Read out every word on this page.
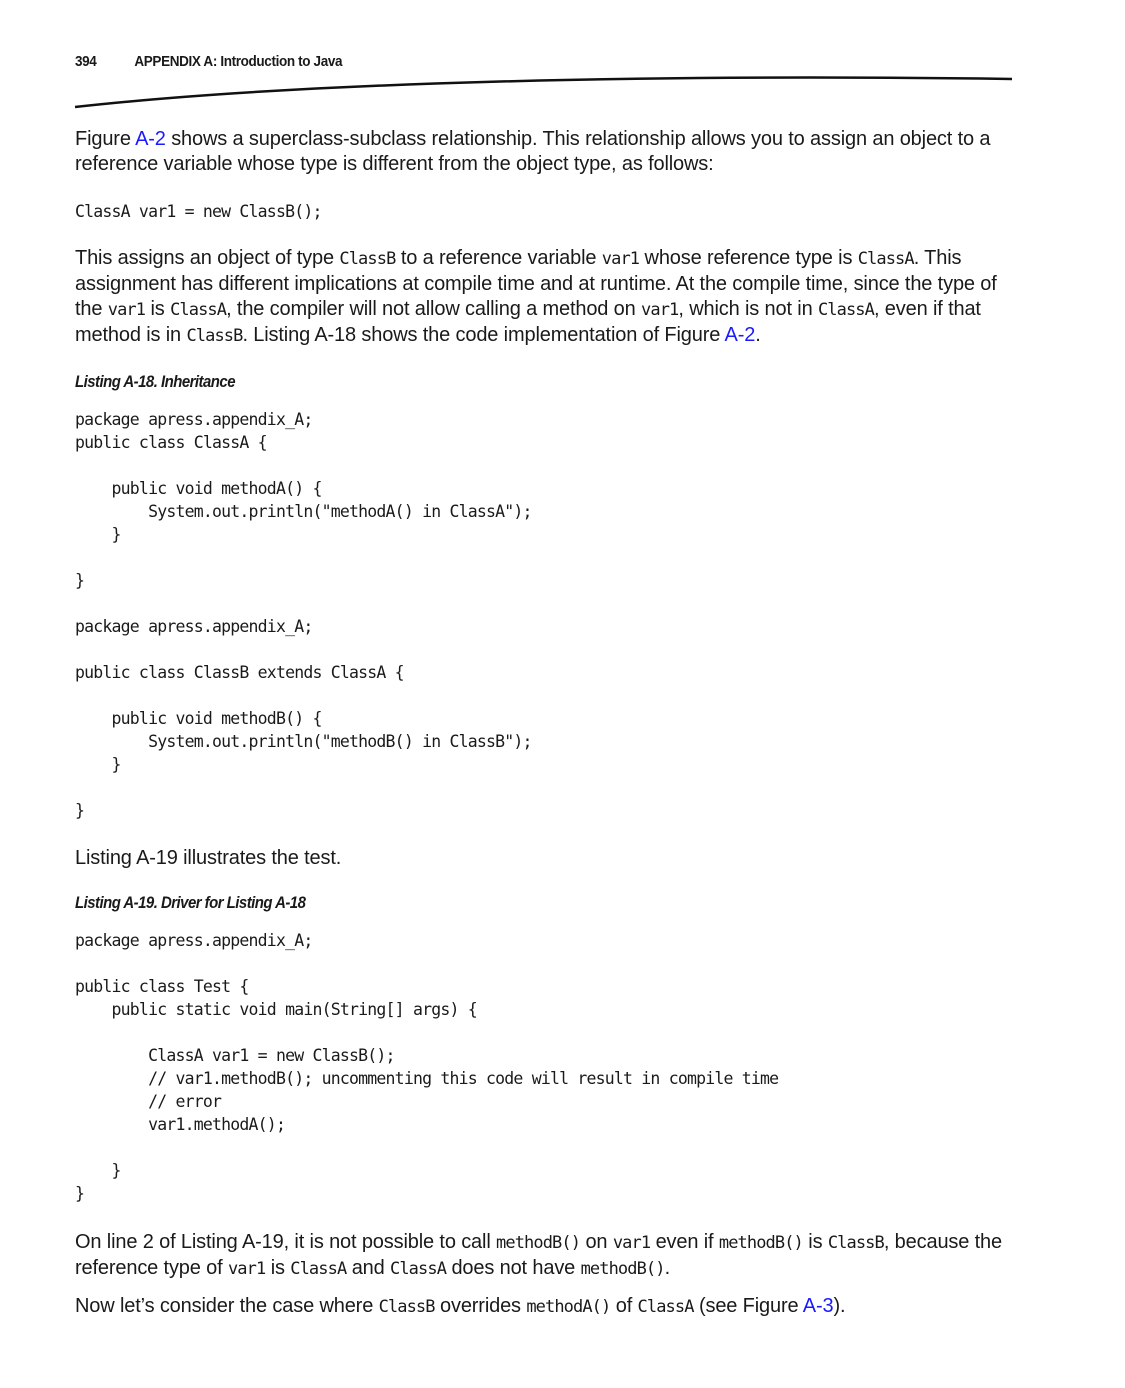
394	APPENDIX A: Introduction to Java

Figure A-2 shows a superclass-subclass relationship. This relationship allows you to assign an object to a reference variable whose type is different from the object type, as follows:

ClassA var1 = new ClassB();

This assigns an object of type ClassB to a reference variable var1 whose reference type is ClassA. This assignment has different implications at compile time and at runtime. At the compile time, since the type of the var1 is ClassA, the compiler will not allow calling a method on var1, which is not in ClassA, even if that method is in ClassB. Listing A-18 shows the code implementation of Figure A-2.

Listing A-18. Inheritance
package apress.appendix_A;
public class ClassA {

public void methodA() {
System.out.println("methodA() in ClassA");
}

}

package apress.appendix_A;

public class ClassB extends ClassA {

public void methodB() {
System.out.println("methodB() in ClassB");
}

}

Listing A-19 illustrates the test.

Listing A-19. Driver for Listing A-18
package apress.appendix_A;

public class Test {
public static void main(String[] args) {

ClassA var1 = new ClassB();
// var1.methodB(); uncommenting this code will result in compile time
// error
var1.methodA();

}
}

On line 2 of Listing A-19, it is not possible to call methodB() on var1 even if methodB() is ClassB, because the reference type of var1 is ClassA and ClassA does not have methodB().

Now let’s consider the case where ClassB overrides methodA() of ClassA (see Figure A-3).
